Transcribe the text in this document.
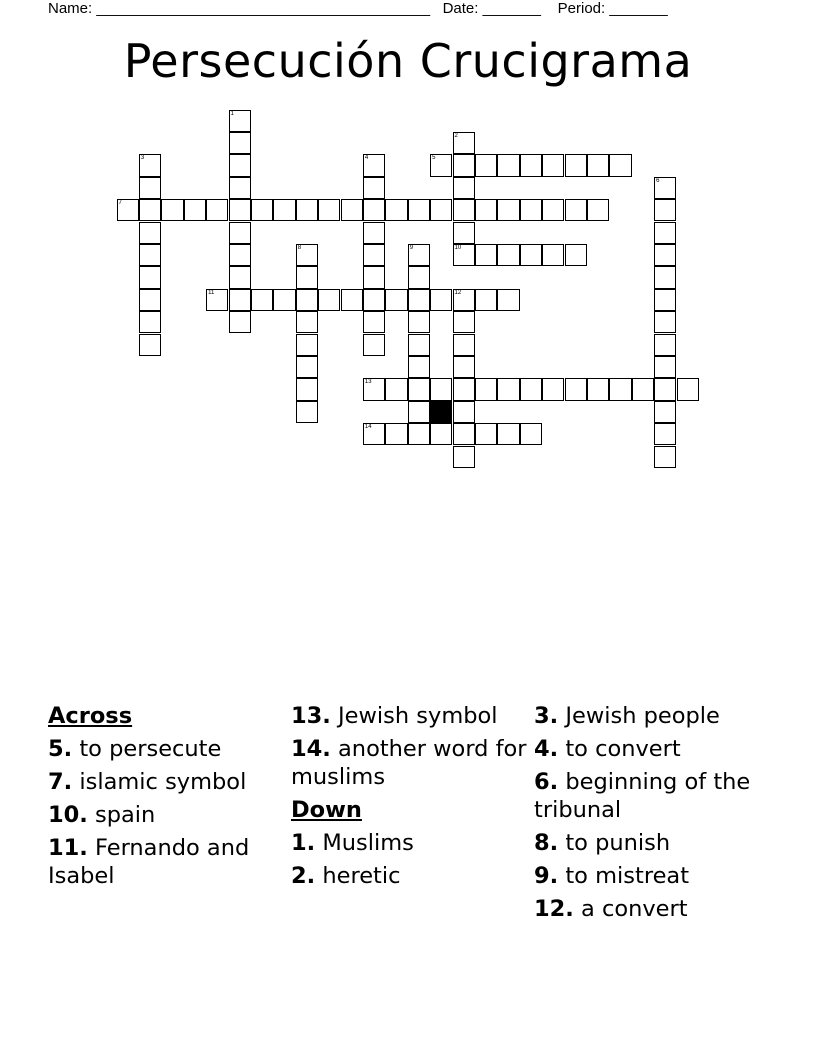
Name: ________________________________________ Date: _______ Period: _______
Persecución Crucigrama
1
2
10
3	4	5
6
7
8	9
11	12
13
14
Across
5. to persecute
7. islamic symbol
10. spain
11. Fernando and Isabel
13. Jewish symbol
14. another word for muslims
Down
1. Muslims
2. heretic
3. Jewish people
4. to convert
6. beginning of the tribunal
8. to punish
9. to mistreat
12. a convert
